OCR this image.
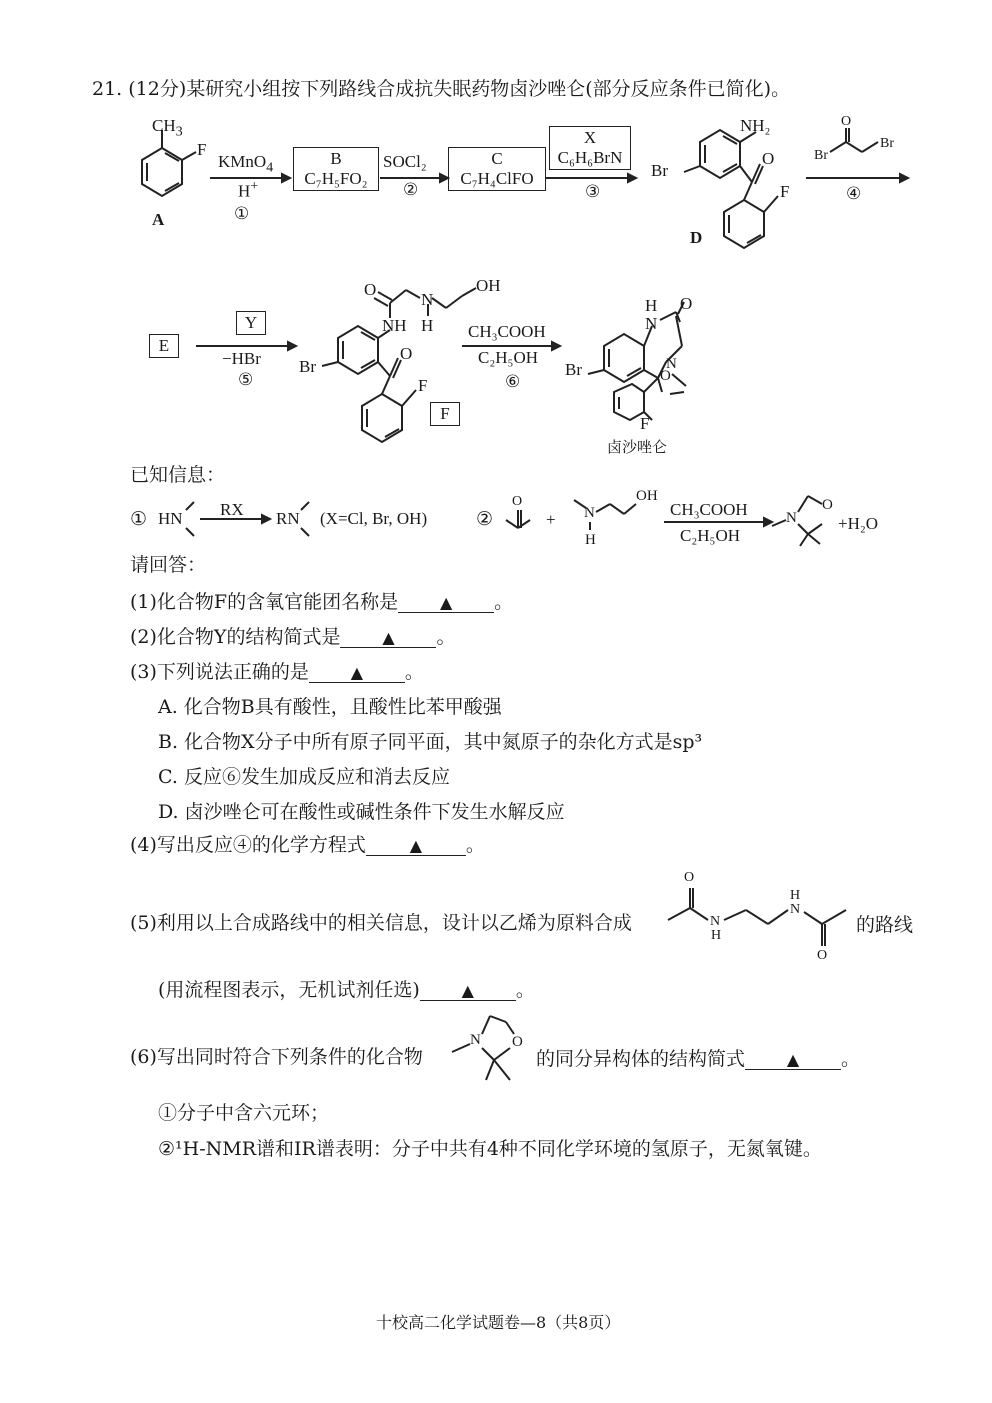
21. (12分)某研究小组按下列路线合成抗失眠药物卤沙唑仑(部分反应条件已简化)。
$CH_3$
F
A
KMnO$_4$
H+
①
B
C₇H₅FO₂
SOCl₂
②
C
C₇H₄ClFO
X
C₆H₆BrN
③
NH₂
Br
O
F
D
Br
Br
O
④
E
Y
−HBr
⑤
OH
O
N
NH H
Br
O
F
F
CH₃COOH
C₂H₅OH
⑥
H
N
O
Br	O
N
F
卤沙唑仑
已知信息：
① HN RX RN (X=Cl, Br, OH)	②
O
+ N
H
OH
CH₃COOH
C₂H₅OH
N
O
+H₂O
请回答：
(1)化合物F的含氧官能团名称是	▲ 。
(2)化合物Y的结构简式是	▲ 。
(3)下列说法正确的是	▲ 。
A. 化合物B具有酸性，且酸性比苯甲酸强
B. 化合物X分子中所有原子同平面，其中氮原子的杂化方式是sp³
C. 反应⑥发生加成反应和消去反应
D. 卤沙唑仑可在酸性或碱性条件下发生水解反应
(4)写出反应④的化学方程式	▲ 。
(5)利用以上合成路线中的相关信息，设计以乙烯为原料合成
O
N
H
H
N
O
的路线
(用流程图表示，无机试剂任选)	▲ 。
(6)写出同时符合下列条件的化合物
N O
的同分异构体的结构简式	▲ 。
①分子中含六元环；
②¹H-NMR谱和IR谱表明：分子中共有4种不同化学环境的氢原子，无氮氧键。
十校高二化学试题卷—8（共8页）
